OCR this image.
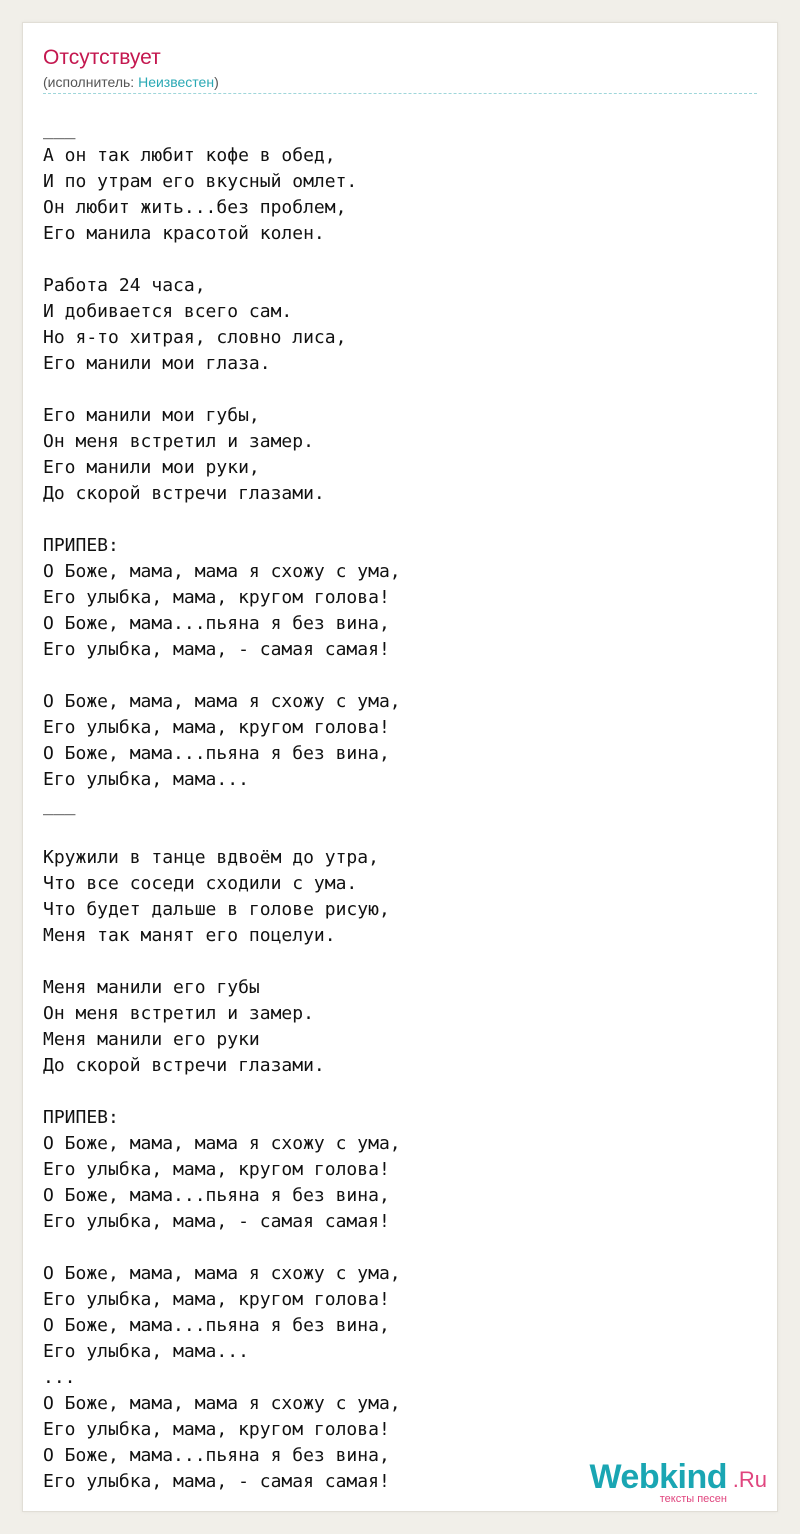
Отсутствует
(исполнитель: Неизвестен)
___
А он так любит кофе в обед,
И по утрам его вкусный омлет.
Он любит жить...без проблем,
Его манила красотой колен.

Работа 24 часа,
И добивается всего сам.
Но я-то хитрая, словно лиса,
Его манили мои глаза.

Его манили мои губы,
Он меня встретил и замер.
Его манили мои руки,
До скорой встречи глазами.

ПРИПЕВ:
О Боже, мама, мама я схожу с ума,
Его улыбка, мама, кругом голова!
О Боже, мама...пьяна я без вина,
Его улыбка, мама, - самая самая!

О Боже, мама, мама я схожу с ума,
Его улыбка, мама, кругом голова!
О Боже, мама...пьяна я без вина,
Его улыбка, мама...
___

Кружили в танце вдвоём до утра,
Что все соседи сходили с ума.
Что будет дальше в голове рисую,
Меня так манят его поцелуи.

Меня манили его губы
Он меня встретил и замер.
Меня манили его руки
До скорой встречи глазами.

ПРИПЕВ:
О Боже, мама, мама я схожу с ума,
Его улыбка, мама, кругом голова!
О Боже, мама...пьяна я без вина,
Его улыбка, мама, - самая самая!

О Боже, мама, мама я схожу с ума,
Его улыбка, мама, кругом голова!
О Боже, мама...пьяна я без вина,
Его улыбка, мама...
...
О Боже, мама, мама я схожу с ума,
Его улыбка, мама, кругом голова!
О Боже, мама...пьяна я без вина,
Его улыбка, мама, - самая самая!	Webkind .Ru
тексты песен
